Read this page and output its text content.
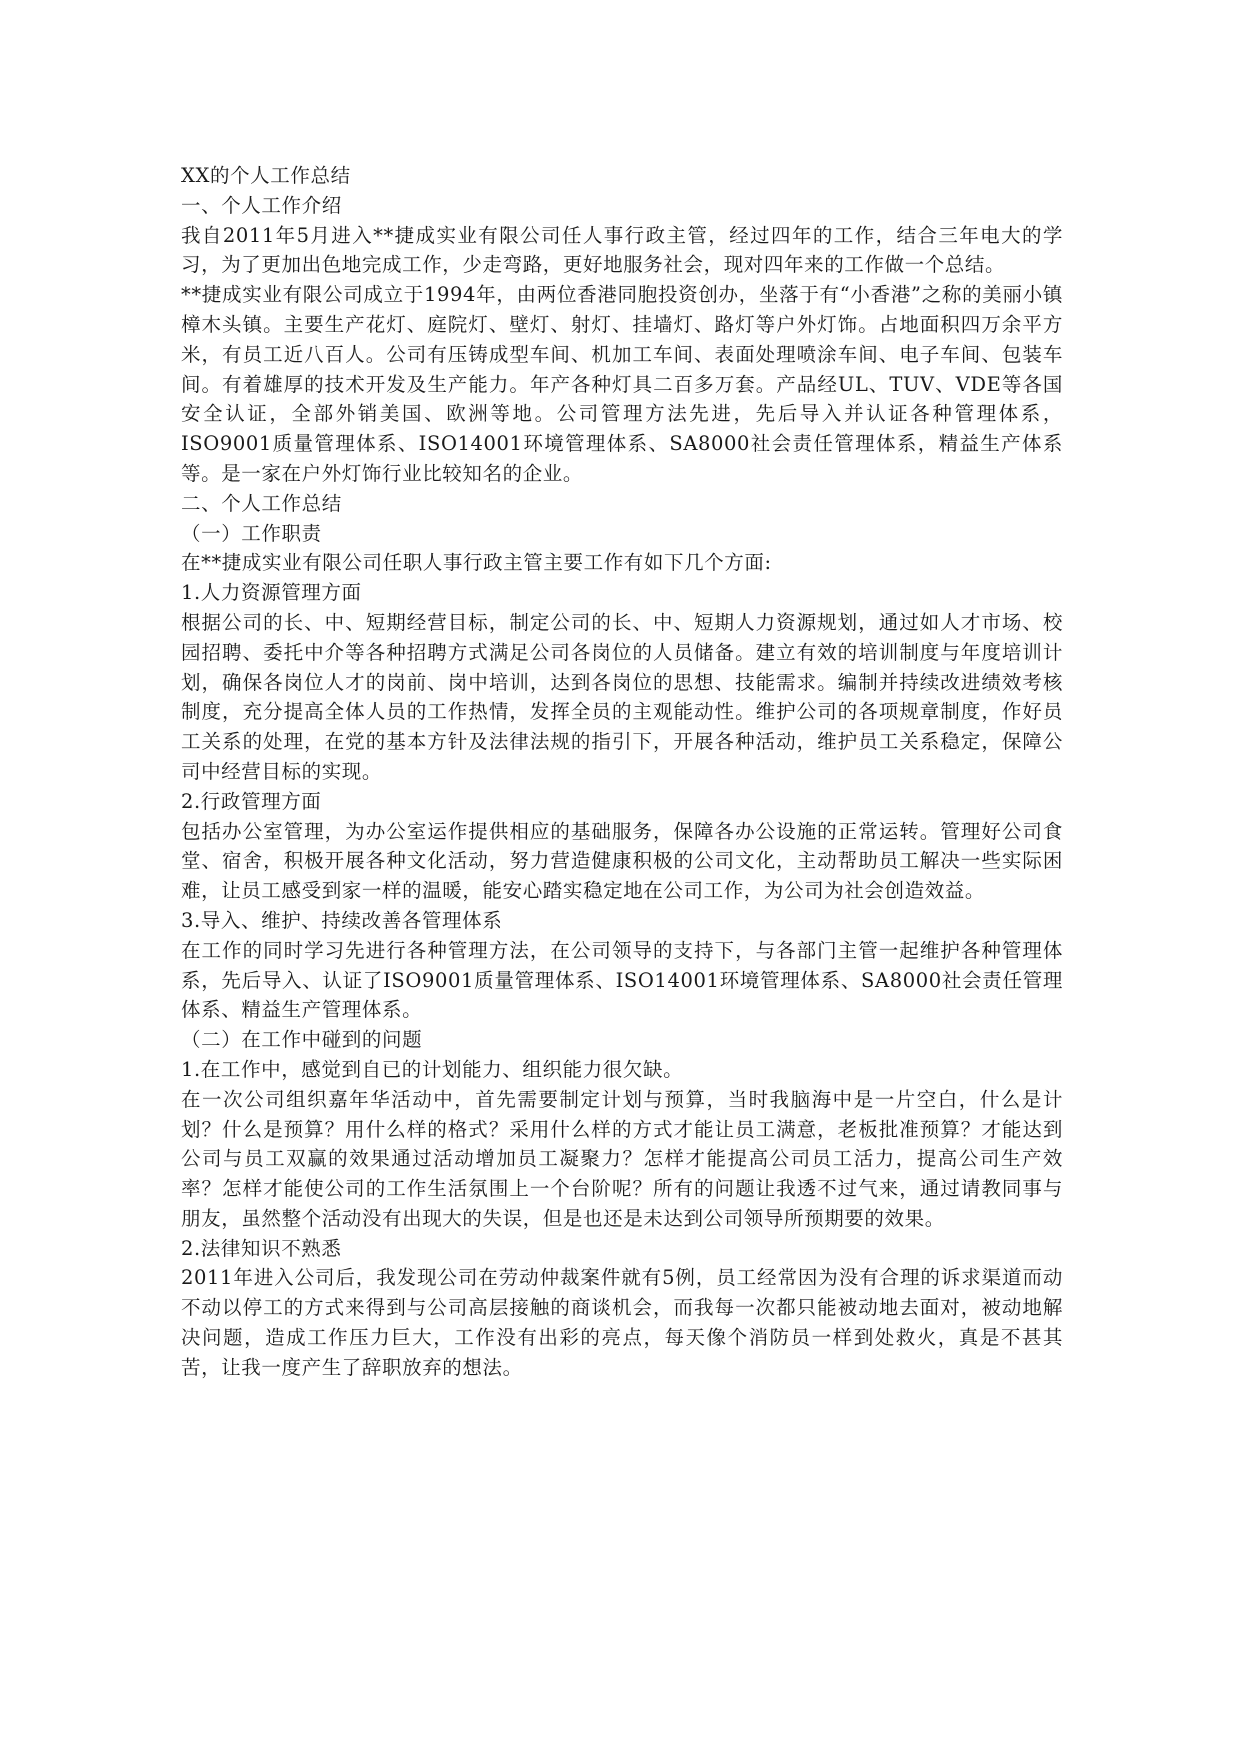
XX的个人工作总结

一、个人工作介绍

我自2011年5月进入**捷成实业有限公司任人事行政主管，经过四年的工作，结合三年电大的学习，为了更加出色地完成工作，少走弯路，更好地服务社会，现对四年来的工作做一个总结。

**捷成实业有限公司成立于1994年，由两位香港同胞投资创办，坐落于有“小香港”之称的美丽小镇樟木头镇。主要生产花灯、庭院灯、壁灯、射灯、挂墙灯、路灯等户外灯饰。占地面积四万余平方米，有员工近八百人。公司有压铸成型车间、机加工车间、表面处理喷涂车间、电子车间、包装车间。有着雄厚的技术开发及生产能力。年产各种灯具二百多万套。产品经UL、TUV、VDE等各国安全认证，全部外销美国、欧洲等地。公司管理方法先进，先后导入并认证各种管理体系，ISO9001质量管理体系、ISO14001环境管理体系、SA8000社会责任管理体系，精益生产体系等。是一家在户外灯饰行业比较知名的企业。

二、个人工作总结

（一）工作职责

在**捷成实业有限公司任职人事行政主管主要工作有如下几个方面:

1.人力资源管理方面

根据公司的长、中、短期经营目标，制定公司的长、中、短期人力资源规划，通过如人才市场、校园招聘、委托中介等各种招聘方式满足公司各岗位的人员储备。建立有效的培训制度与年度培训计划，确保各岗位人才的岗前、岗中培训，达到各岗位的思想、技能需求。编制并持续改进绩效考核制度，充分提高全体人员的工作热情，发挥全员的主观能动性。维护公司的各项规章制度，作好员工关系的处理，在党的基本方针及法律法规的指引下，开展各种活动，维护员工关系稳定，保障公司中经营目标的实现。

2.行政管理方面

包括办公室管理，为办公室运作提供相应的基础服务，保障各办公设施的正常运转。管理好公司食堂、宿舍，积极开展各种文化活动，努力营造健康积极的公司文化，主动帮助员工解决一些实际困难，让员工感受到家一样的温暖，能安心踏实稳定地在公司工作，为公司为社会创造效益。

3.导入、维护、持续改善各管理体系

在工作的同时学习先进行各种管理方法，在公司领导的支持下，与各部门主管一起维护各种管理体系，先后导入、认证了ISO9001质量管理体系、ISO14001环境管理体系、SA8000社会责任管理体系、精益生产管理体系。

（二）在工作中碰到的问题

1.在工作中，感觉到自已的计划能力、组织能力很欠缺。

在一次公司组织嘉年华活动中，首先需要制定计划与预算，当时我脑海中是一片空白，什么是计划？什么是预算？用什么样的格式？采用什么样的方式才能让员工满意，老板批准预算？才能达到公司与员工双赢的效果通过活动增加员工凝聚力？怎样才能提高公司员工活力，提高公司生产效率？怎样才能使公司的工作生活氛围上一个台阶呢？所有的问题让我透不过气来，通过请教同事与朋友，虽然整个活动没有出现大的失误，但是也还是未达到公司领导所预期要的效果。

2.法律知识不熟悉

2011年进入公司后，我发现公司在劳动仲裁案件就有5例，员工经常因为没有合理的诉求渠道而动不动以停工的方式来得到与公司高层接触的商谈机会，而我每一次都只能被动地去面对，被动地解决问题，造成工作压力巨大，工作没有出彩的亮点，每天像个消防员一样到处救火，真是不甚其苦，让我一度产生了辞职放弃的想法。
